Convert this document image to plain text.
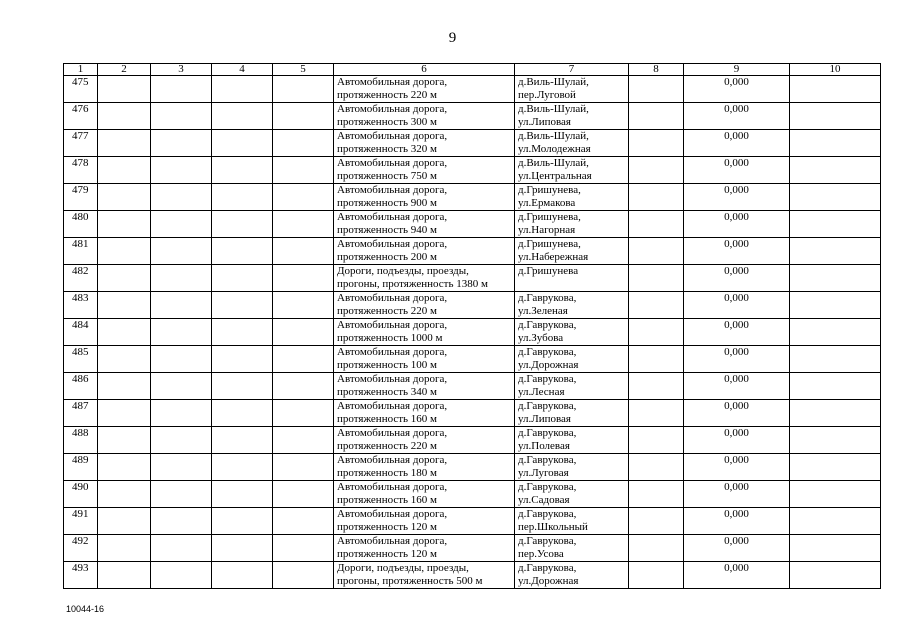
9
1	2	3	4	5	6	7	8	9	10
475					Автомобильная дорога,
протяженность 220 м	д.Виль-Шулай,
пер.Луговой		0,000	
476					Автомобильная дорога,
протяженность 300 м	д.Виль-Шулай,
ул.Липовая		0,000	
477					Автомобильная дорога,
протяженность 320 м	д.Виль-Шулай,
ул.Молодежная		0,000	
478					Автомобильная дорога,
протяженность 750 м	д.Виль-Шулай,
ул.Центральная		0,000	
479					Автомобильная дорога,
протяженность 900 м	д.Гришунева,
ул.Ермакова		0,000	
480					Автомобильная дорога,
протяженность 940 м	д.Гришунева,
ул.Нагорная		0,000	
481					Автомобильная дорога,
протяженность 200 м	д.Гришунева,
ул.Набережная		0,000	
482					Дороги, подъезды, проезды,
прогоны, протяженность 1380 м	д.Гришунева		0,000	
483					Автомобильная дорога,
протяженность 220 м	д.Гаврукова,
ул.Зеленая		0,000	
484					Автомобильная дорога,
протяженность 1000 м	д.Гаврукова,
ул.Зубова		0,000	
485					Автомобильная дорога,
протяженность 100 м	д.Гаврукова,
ул.Дорожная		0,000	
486					Автомобильная дорога,
протяженность 340 м	д.Гаврукова,
ул.Лесная		0,000	
487					Автомобильная дорога,
протяженность 160 м	д.Гаврукова,
ул.Липовая		0,000	
488					Автомобильная дорога,
протяженность 220 м	д.Гаврукова,
ул.Полевая		0,000	
489					Автомобильная дорога,
протяженность 180 м	д.Гаврукова,
ул.Луговая		0,000	
490					Автомобильная дорога,
протяженность 160 м	д.Гаврукова,
ул.Садовая		0,000	
491					Автомобильная дорога,
протяженность 120 м	д.Гаврукова,
пер.Школьный		0,000	
492					Автомобильная дорога,
протяженность 120 м	д.Гаврукова,
пер.Усова		0,000	
493					Дороги, подъезды, проезды,
прогоны, протяженность 500 м	д.Гаврукова,
ул.Дорожная		0,000	
10044-16
